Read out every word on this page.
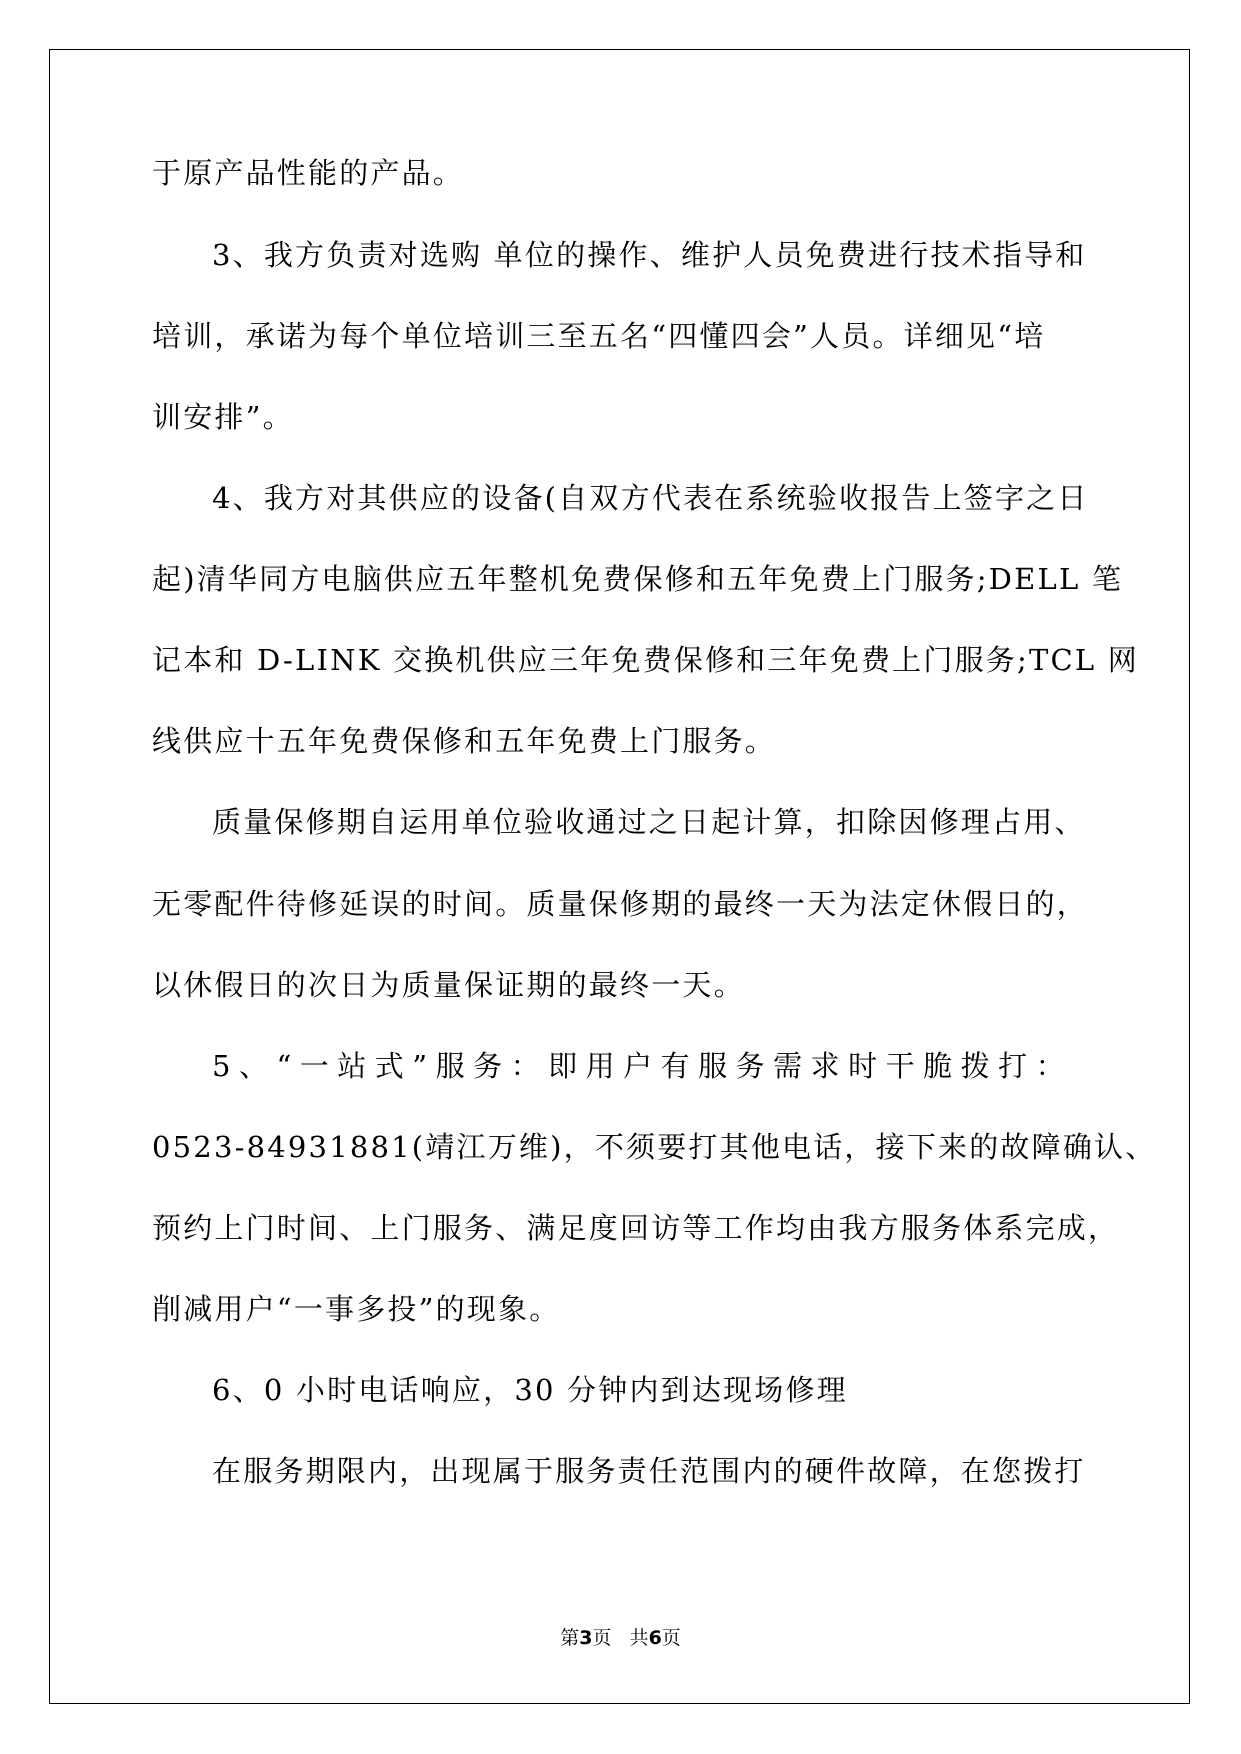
于原产品性能的产品。
3、我方负责对选购 单位的操作、维护人员免费进行技术指导和
培训，承诺为每个单位培训三至五名“四懂四会”人员。详细见“培
训安排”。
4、我方对其供应的设备(自双方代表在系统验收报告上签字之日
起)清华同方电脑供应五年整机免费保修和五年免费上门服务;DELL 笔
记本和 D-LINK 交换机供应三年免费保修和三年免费上门服务;TCL 网
线供应十五年免费保修和五年免费上门服务。
质量保修期自运用单位验收通过之日起计算，扣除因修理占用、
无零配件待修延误的时间。质量保修期的最终一天为法定休假日的，
以休假日的次日为质量保证期的最终一天。
5、“一站式”服务：即用户有服务需求时干脆拨打：
0523-84931881(靖江万维)，不须要打其他电话，接下来的故障确认、
预约上门时间、上门服务、满足度回访等工作均由我方服务体系完成，
削减用户“一事多投”的现象。
6、0 小时电话响应，30 分钟内到达现场修理
在服务期限内，出现属于服务责任范围内的硬件故障，在您拨打
第3页   共6页
